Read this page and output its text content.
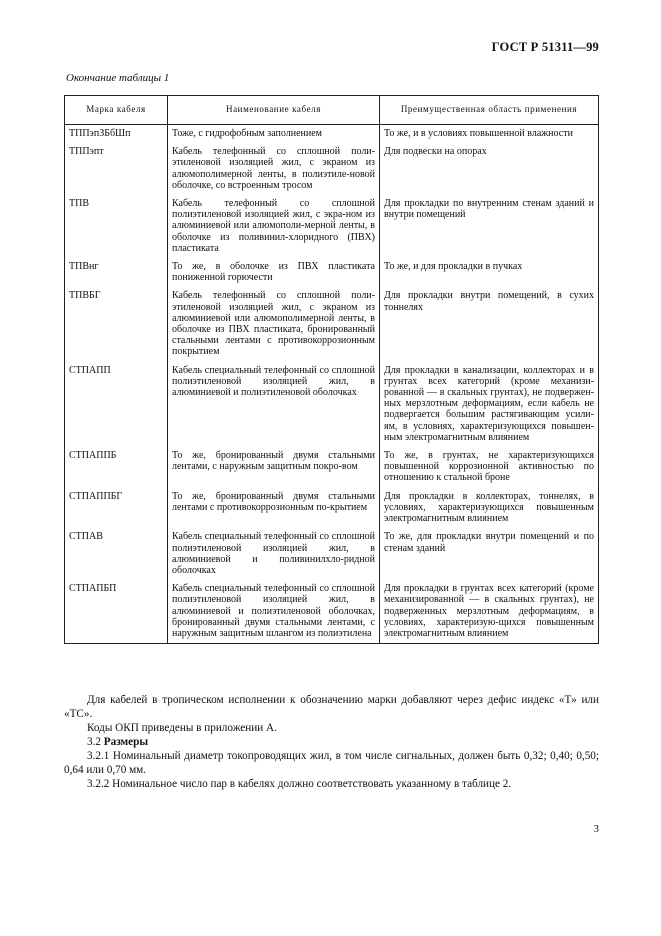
ГОСТ Р 51311—99
Окончание таблицы 1
Марка кабеля	Наименование кабеля	Преимущественная область применения
ТППэпЗБбШп	Тоже, с гидрофобным заполнением	То же, и в условиях повышенной влажности
ТППэпт	Кабель телефонный со сплошной поли-этиленовой изоляцией жил, с экраном из алюмополимерной ленты, в полиэтиле-новой оболочке, со встроенным тросом	Для подвески на опорах
ТПВ	Кабель телефонный со сплошной полиэтиленовой изоляцией жил, с экра-ном из алюминиевой или алюмополи-мерной ленты, в оболочке из поливинил-хлоридного (ПВХ) пластиката	Для прокладки по внутренним стенам зданий и внутри помещений
ТПВнг	То же, в оболочке из ПВХ пластиката пониженной горючести	То же, и для прокладки в пучках
ТПВБГ	Кабель телефонный со сплошной поли-этиленовой изоляцией жил, с экраном из алюминиевой или алюмополимерной ленты, в оболочке из ПВХ пластиката, бронированный стальными лентами с противокоррозионным покрытием	Для прокладки внутри помещений, в сухих тоннелях
СТПАПП	Кабель специальный телефонный со сплошной полиэтиленовой изоляцией жил, в алюминиевой и полиэтиленовой оболочках	Для прокладки в канализации, коллекторах и в грунтах всех категорий (кроме механизи-рованной — в скальных грунтах), не подвержен-ных мерзлотным деформациям, если кабель не подвергается большим растягивающим усили-ям, в условиях, характеризующихся повышен-ным электромагнитным влиянием
СТПАППБ	То же, бронированный двумя стальными лентами, с наружным защитным покро-вом	То же, в грунтах, не характеризующихся повышенной коррозионной активностью по отношению к стальной броне
СТПАППБГ	То же, бронированный двумя стальными лентами с противокоррозионным по-крытием	Для прокладки в коллекторах, тоннелях, в условиях, характеризующихся повышенным электромагнитным влиянием
СТПАВ	Кабель специальный телефонный со сплошной полиэтиленовой изоляцией жил, в алюминиевой и поливинилхло-ридной оболочках	То же, для прокладки внутри помещений и по стенам зданий
СТПАПБП	Кабель специальный телефонный со сплошной полиэтиленовой изоляцией жил, в алюминиевой и полиэтиленовой оболочках, бронированный двумя стальными лентами, с наружным защитным шлангом из полиэтилена	Для прокладки в грунтах всех категорий (кроме механизированной — в скальных грунтах), не подверженных мерзлотным деформациям, в условиях, характеризую-щихся повышенным электромагнитным влиянием

Для кабелей в тропическом исполнении к обозначению марки добавляют через дефис индекс «Т» или «ТС».

Коды ОКП приведены в приложении А.

3.2 Размеры

3.2.1 Номинальный диаметр токопроводящих жил, в том числе сигнальных, должен быть 0,32; 0,40; 0,50; 0,64 или 0,70 мм.

3.2.2 Номинальное число пар в кабелях должно соответствовать указанному в таблице 2.

3
